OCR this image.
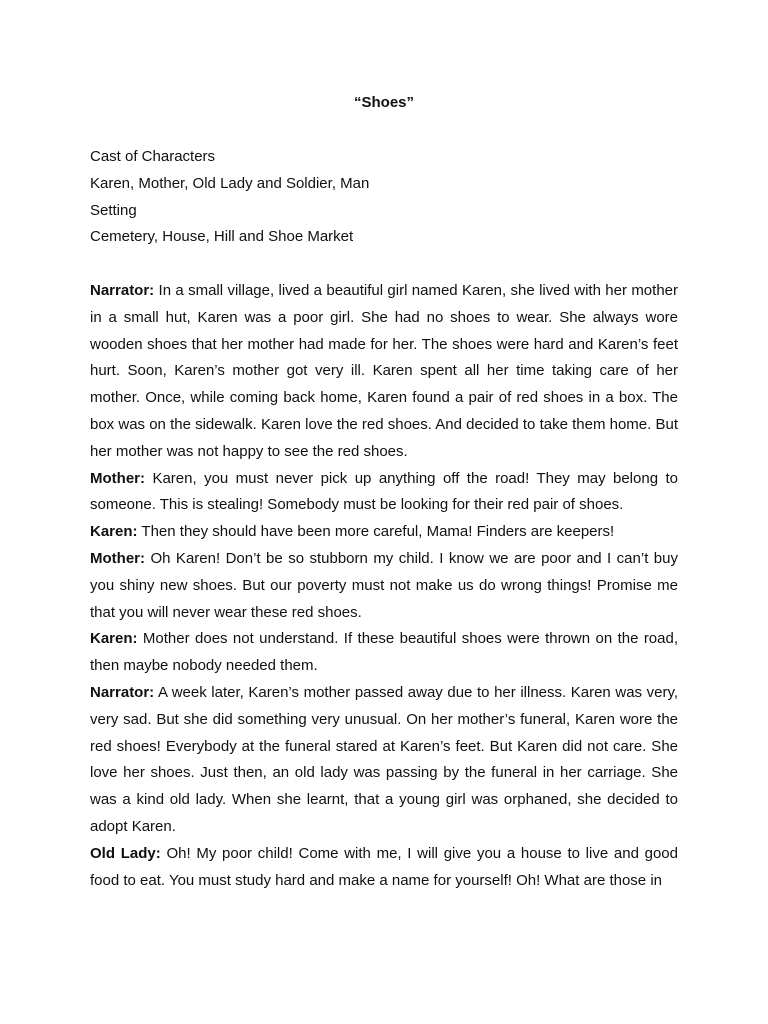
“Shoes”
Cast of Characters
Karen, Mother, Old Lady and Soldier, Man
Setting
Cemetery, House, Hill and Shoe Market

Narrator: In a small village, lived a beautiful girl named Karen, she lived with her mother in a small hut, Karen was a poor girl. She had no shoes to wear. She always wore wooden shoes that her mother had made for her. The shoes were hard and Karen’s feet hurt. Soon, Karen’s mother got very ill. Karen spent all her time taking care of her mother. Once, while coming back home, Karen found a pair of red shoes in a box. The box was on the sidewalk. Karen love the red shoes. And decided to take them home. But her mother was not happy to see the red shoes.

Mother: Karen, you must never pick up anything off the road! They may belong to someone. This is stealing! Somebody must be looking for their red pair of shoes.

Karen: Then they should have been more careful, Mama! Finders are keepers!

Mother: Oh Karen! Don’t be so stubborn my child. I know we are poor and I can’t buy you shiny new shoes. But our poverty must not make us do wrong things! Promise me that you will never wear these red shoes.

Karen: Mother does not understand. If these beautiful shoes were thrown on the road, then maybe nobody needed them.

Narrator: A week later, Karen’s mother passed away due to her illness. Karen was very, very sad. But she did something very unusual. On her mother’s funeral, Karen wore the red shoes! Everybody at the funeral stared at Karen’s feet. But Karen did not care. She love her shoes. Just then, an old lady was passing by the funeral in her carriage. She was a kind old lady. When she learnt, that a young girl was orphaned, she decided to adopt Karen.

Old Lady: Oh! My poor child! Come with me, I will give you a house to live and good food to eat. You must study hard and make a name for yourself! Oh! What are those in
